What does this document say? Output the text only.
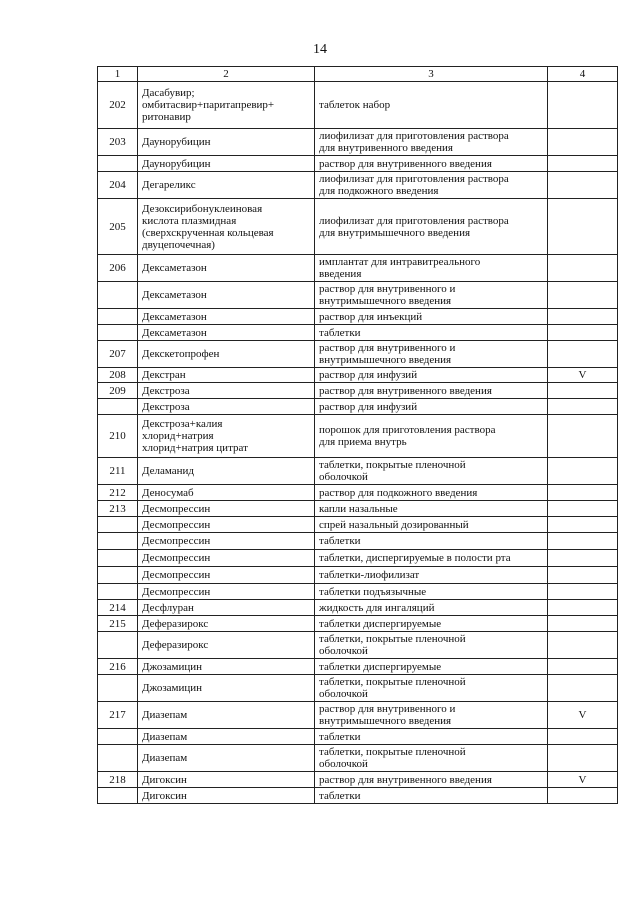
14
1	2	3	4
202	Дасабувир;
омбитасвир+паритапревир+
ритонавир	таблеток набор	
203	Даунорубицин	лиофилизат для приготовления раствора
для внутривенного введения	
	Даунорубицин	раствор для внутривенного введения	
204	Дегареликс	лиофилизат для приготовления раствора
для подкожного введения	
205	Дезоксирибонуклеиновая
кислота плазмидная
(сверхскрученная кольцевая
двуцепочечная)	лиофилизат для приготовления раствора
для внутримышечного введения	
206	Дексаметазон	имплантат для интравитреального
введения	
	Дексаметазон	раствор для внутривенного и
внутримышечного введения	
	Дексаметазон	раствор для инъекций	
	Дексаметазон	таблетки	
207	Декскетопрофен	раствор для внутривенного и
внутримышечного введения	
208	Декстран	раствор для инфузий	V
209	Декстроза	раствор для внутривенного введения	
	Декстроза	раствор для инфузий	
210	Декстроза+калия
хлорид+натрия
хлорид+натрия цитрат	порошок для приготовления раствора
для приема внутрь	
211	Деламанид	таблетки, покрытые пленочной
оболочкой	
212	Деносумаб	раствор для подкожного введения	
213	Десмопрессин	капли назальные	
	Десмопрессин	спрей назальный дозированный	
	Десмопрессин	таблетки	
	Десмопрессин	таблетки, диспергируемые в полости рта	
	Десмопрессин	таблетки-лиофилизат	
	Десмопрессин	таблетки подъязычные	
214	Десфлуран	жидкость для ингаляций	
215	Деферазирокс	таблетки диспергируемые	
	Деферазирокс	таблетки, покрытые пленочной
оболочкой	
216	Джозамицин	таблетки диспергируемые	
	Джозамицин	таблетки, покрытые пленочной
оболочкой	
217	Диазепам	раствор для внутривенного и
внутримышечного введения	V
	Диазепам	таблетки	
	Диазепам	таблетки, покрытые пленочной
оболочкой	
218	Дигоксин	раствор для внутривенного введения	V
	Дигоксин	таблетки	
